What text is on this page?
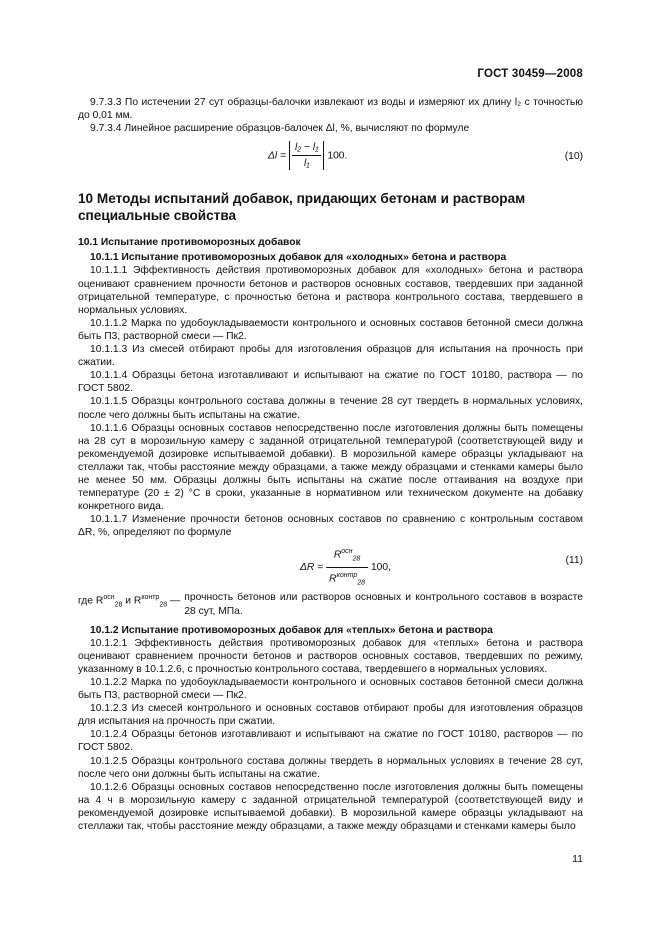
ГОСТ 30459—2008

9.7.3.3 По истечении 27 сут образцы-балочки извлекают из воды и измеряют их длину l₂ с точностью до 0,01 мм.

9.7.3.4 Линейное расширение образцов-балочек Δl, %, вычисляют по формуле

$\Delta l = \frac{\text{l₂ − l₁}}{\text{l₁}} 100$.	(10)

10 Методы испытаний добавок, придающих бетонам и растворам специальные свойства

10.1 Испытание противоморозных добавок

10.1.1 Испытание противоморозных добавок для «холодных» бетона и раствора

10.1.1.1 Эффективность действия противоморозных добавок для «холодных» бетона и раствора оценивают сравнением прочности бетонов и растворов основных составов, твердевших при заданной отрицательной температуре, с прочностью бетона и раствора контрольного состава, твердевшего в нормальных условиях.

10.1.1.2 Марка по удобоукладываемости контрольного и основных составов бетонной смеси должна быть П3, растворной смеси — Пк2.

10.1.1.3 Из смесей отбирают пробы для изготовления образцов для испытания на прочность при сжатии.

10.1.1.4 Образцы бетона изготавливают и испытывают на сжатие по ГОСТ 10180, раствора — по ГОСТ 5802.

10.1.1.5 Образцы контрольного состава должны в течение 28 сут твердеть в нормальных условиях, после чего должны быть испытаны на сжатие.

10.1.1.6 Образцы основных составов непосредственно после изготовления должны быть помещены на 28 сут в морозильную камеру с заданной отрицательной температурой (соответствующей виду и рекомендуемой дозировке испытываемой добавки). В морозильной камере образцы укладывают на стеллажи так, чтобы расстояние между образцами, а также между образцами и стенками камеры было не менее 50 мм. Образцы должны быть испытаны на сжатие после оттаивания на воздухе при температуре (20 ± 2) °С в сроки, указанные в нормативном или техническом документе на добавку конкретного вида.

10.1.1.7 Изменение прочности бетонов основных составов по сравнению с контрольным составом ΔR, %, определяют по формуле

$\Delta R = \frac{R^{осн}_{28}}{R^{контр}_{28}} 100$,
(11)
где $R^{осн}_{28}$ и $R^{контр}_{28}$ — прочность бетонов или растворов основных и контрольного составов в возрасте 28 сут, МПа.

10.1.2 Испытание противоморозных добавок для «теплых» бетона и раствора

10.1.2.1 Эффективность действия противоморозных добавок для «теплых» бетона и раствора оценивают сравнением прочности бетонов и растворов основных составов, твердевших по режиму, указанному в 10.1.2.6, с прочностью контрольного состава, твердевшего в нормальных условиях.

10.1.2.2 Марка по удобоукладываемости контрольного и основных составов бетонной смеси должна быть П3, растворной смеси — Пк2.

10.1.2.3 Из смесей контрольного и основных составов отбирают пробы для изготовления образцов для испытания на прочность при сжатии.

10.1.2.4 Образцы бетонов изготавливают и испытывают на сжатие по ГОСТ 10180, растворов — по ГОСТ 5802.

10.1.2.5 Образцы контрольного состава должны твердеть в нормальных условиях в течение 28 сут, после чего они должны быть испытаны на сжатие.

10.1.2.6 Образцы основных составов непосредственно после изготовления должны быть помещены на 4 ч в морозильную камеру с заданной отрицательной температурой (соответствующей виду и рекомендуемой дозировке испытываемой добавки). В морозильной камере образцы укладывают на стеллажи так, чтобы расстояние между образцами, а также между образцами и стенками камеры было

11
